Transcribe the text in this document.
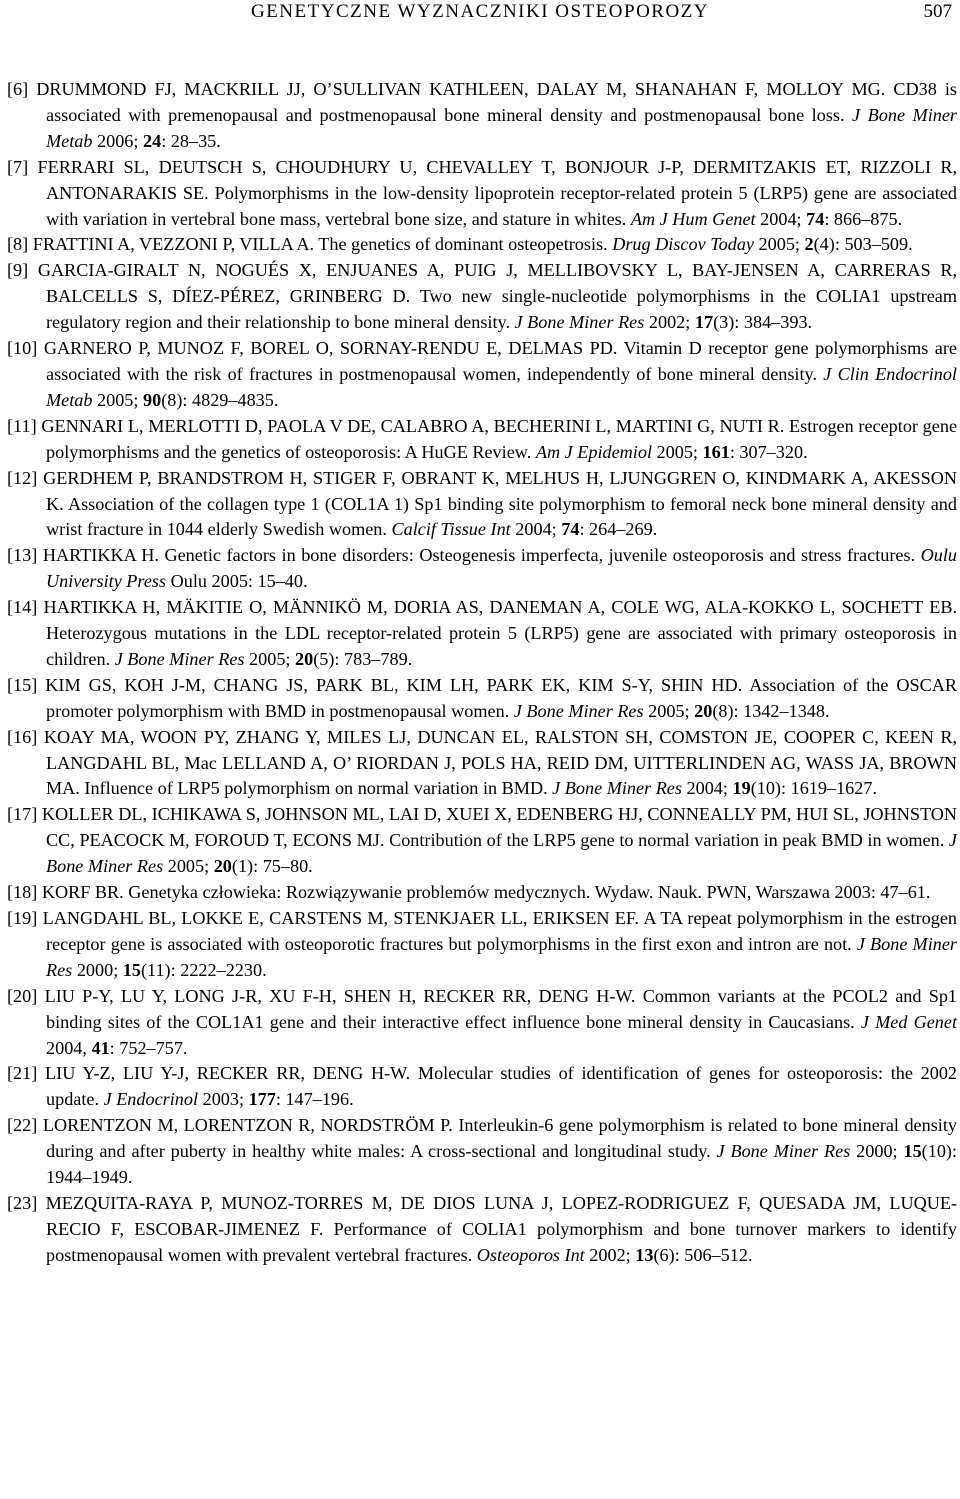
GENETYCZNE WYZNACZNIKI OSTEOPOROZY	507

[6] DRUMMOND FJ, MACKRILL JJ, O’SULLIVAN KATHLEEN, DALAY M, SHANAHAN F, MOLLOY MG. CD38 is associated with premenopausal and postmenopausal bone mineral density and postmenopausal bone loss. J Bone Miner Metab 2006; 24: 28–35.

[7] FERRARI SL, DEUTSCH S, CHOUDHURY U, CHEVALLEY T, BONJOUR J-P, DERMITZAKIS ET, RIZZOLI R, ANTONARAKIS SE. Polymorphisms in the low-density lipoprotein receptor-related protein 5 (LRP5) gene are associated with variation in vertebral bone mass, vertebral bone size, and stature in whites. Am J Hum Genet 2004; 74: 866–875.

[8] FRATTINI A, VEZZONI P, VILLA A. The genetics of dominant osteopetrosis. Drug Discov Today 2005; 2(4): 503–509.

[9] GARCIA-GIRALT N, NOGUÉS X, ENJUANES A, PUIG J, MELLIBOVSKY L, BAY-JENSEN A, CARRERAS R, BALCELLS S, DÍEZ-PÉREZ, GRINBERG D. Two new single-nucleotide polymorphisms in the COLIA1 upstream regulatory region and their relationship to bone mineral density. J Bone Miner Res 2002; 17(3): 384–393.

[10] GARNERO P, MUNOZ F, BOREL O, SORNAY-RENDU E, DELMAS PD. Vitamin D receptor gene polymorphisms are associated with the risk of fractures in postmenopausal women, independently of bone mineral density. J Clin Endocrinol Metab 2005; 90(8): 4829–4835.

[11] GENNARI L, MERLOTTI D, PAOLA V DE, CALABRO A, BECHERINI L, MARTINI G, NUTI R. Estrogen receptor gene polymorphisms and the genetics of osteoporosis: A HuGE Review. Am J Epidemiol 2005; 161: 307–320.

[12] GERDHEM P, BRANDSTROM H, STIGER F, OBRANT K, MELHUS H, LJUNGGREN O, KINDMARK A, AKESSON K. Association of the collagen type 1 (COL1A 1) Sp1 binding site polymorphism to femoral neck bone mineral density and wrist fracture in 1044 elderly Swedish women. Calcif Tissue Int 2004; 74: 264–269.

[13] HARTIKKA H. Genetic factors in bone disorders: Osteogenesis imperfecta, juvenile osteoporosis and stress fractures. Oulu University Press Oulu 2005: 15–40.

[14] HARTIKKA H, MÄKITIE O, MÄNNIKÖ M, DORIA AS, DANEMAN A, COLE WG, ALA-KOKKO L, SOCHETT EB. Heterozygous mutations in the LDL receptor-related protein 5 (LRP5) gene are associated with primary osteoporosis in children. J Bone Miner Res 2005; 20(5): 783–789.

[15] KIM GS, KOH J-M, CHANG JS, PARK BL, KIM LH, PARK EK, KIM S-Y, SHIN HD. Association of the OSCAR promoter polymorphism with BMD in postmenopausal women. J Bone Miner Res 2005; 20(8): 1342–1348.

[16] KOAY MA, WOON PY, ZHANG Y, MILES LJ, DUNCAN EL, RALSTON SH, COMSTON JE, COOPER C, KEEN R, LANGDAHL BL, Mac LELLAND A, O’ RIORDAN J, POLS HA, REID DM, UITTERLINDEN AG, WASS JA, BROWN MA. Influence of LRP5 polymorphism on normal variation in BMD. J Bone Miner Res 2004; 19(10): 1619–1627.

[17] KOLLER DL, ICHIKAWA S, JOHNSON ML, LAI D, XUEI X, EDENBERG HJ, CONNEALLY PM, HUI SL, JOHNSTON CC, PEACOCK M, FOROUD T, ECONS MJ. Contribution of the LRP5 gene to normal variation in peak BMD in women. J Bone Miner Res 2005; 20(1): 75–80.

[18] KORF BR. Genetyka człowieka: Rozwiązywanie problemów medycznych. Wydaw. Nauk. PWN, Warszawa 2003: 47–61.

[19] LANGDAHL BL, LOKKE E, CARSTENS M, STENKJAER LL, ERIKSEN EF. A TA repeat polymorphism in the estrogen receptor gene is associated with osteoporotic fractures but polymorphisms in the first exon and intron are not. J Bone Miner Res 2000; 15(11): 2222–2230.

[20] LIU P-Y, LU Y, LONG J-R, XU F-H, SHEN H, RECKER RR, DENG H-W. Common variants at the PCOL2 and Sp1 binding sites of the COL1A1 gene and their interactive effect influence bone mineral density in Caucasians. J Med Genet 2004, 41: 752–757.

[21] LIU Y-Z, LIU Y-J, RECKER RR, DENG H-W. Molecular studies of identification of genes for osteoporosis: the 2002 update. J Endocrinol 2003; 177: 147–196.

[22] LORENTZON M, LORENTZON R, NORDSTRÖM P. Interleukin-6 gene polymorphism is related to bone mineral density during and after puberty in healthy white males: A cross-sectional and longitudinal study. J Bone Miner Res 2000; 15(10): 1944–1949.

[23] MEZQUITA-RAYA P, MUNOZ-TORRES M, DE DIOS LUNA J, LOPEZ-RODRIGUEZ F, QUESADA JM, LUQUE-RECIO F, ESCOBAR-JIMENEZ F. Performance of COLIA1 polymorphism and bone turnover markers to identify postmenopausal women with prevalent vertebral fractures. Osteoporos Int 2002; 13(6): 506–512.
